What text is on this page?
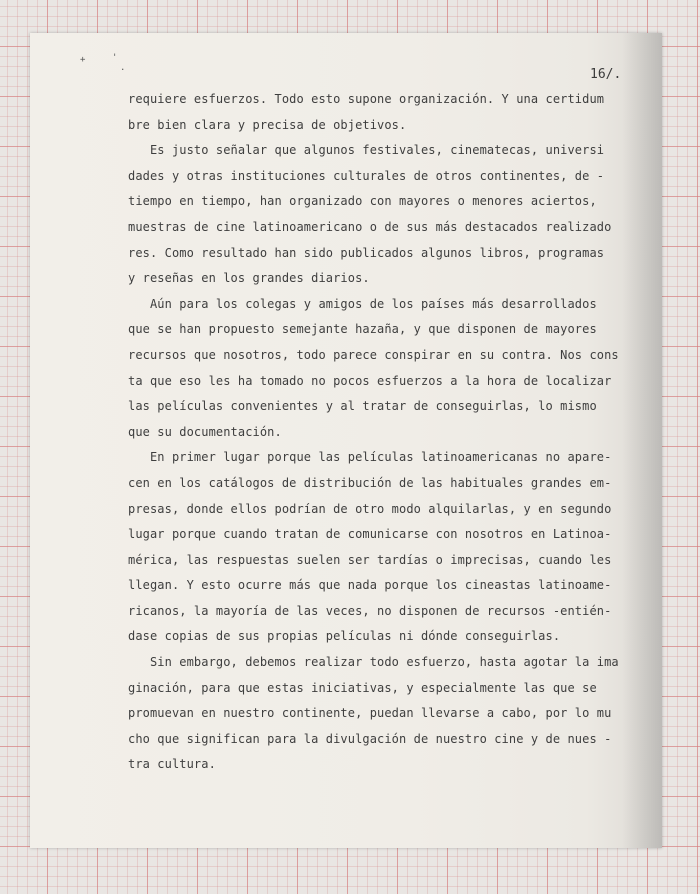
+	'
.	16/.
requiere esfuerzos. Todo esto supone organización. Y una certidum
bre bien clara y precisa de objetivos.
Es justo señalar que algunos festivales, cinematecas, universi
dades y otras instituciones culturales de otros continentes, de -
tiempo en tiempo, han organizado con mayores o menores aciertos,
muestras de cine latinoamericano o de sus más destacados realizado
res. Como resultado han sido publicados algunos libros, programas
y reseñas en los grandes diarios.
Aún para los colegas y amigos de los países más desarrollados
que se han propuesto semejante hazaña, y que disponen de mayores
recursos que nosotros, todo parece conspirar en su contra. Nos cons
ta que eso les ha tomado no pocos esfuerzos a la hora de localizar
las películas convenientes y al tratar de conseguirlas, lo mismo
que su documentación.
En primer lugar porque las películas latinoamericanas no apare-
cen en los catálogos de distribución de las habituales grandes em-
presas, donde ellos podrían de otro modo alquilarlas, y en segundo
lugar porque cuando tratan de comunicarse con nosotros en Latinoa-
mérica, las respuestas suelen ser tardías o imprecisas, cuando les
llegan. Y esto ocurre más que nada porque los cineastas latinoame-
ricanos, la mayoría de las veces, no disponen de recursos -entién-
dase copias de sus propias películas ni dónde conseguirlas.
Sin embargo, debemos realizar todo esfuerzo, hasta agotar la ima
ginación, para que estas iniciativas, y especialmente las que se
promuevan en nuestro continente, puedan llevarse a cabo, por lo mu
cho que significan para la divulgación de nuestro cine y de nues -
tra cultura.
